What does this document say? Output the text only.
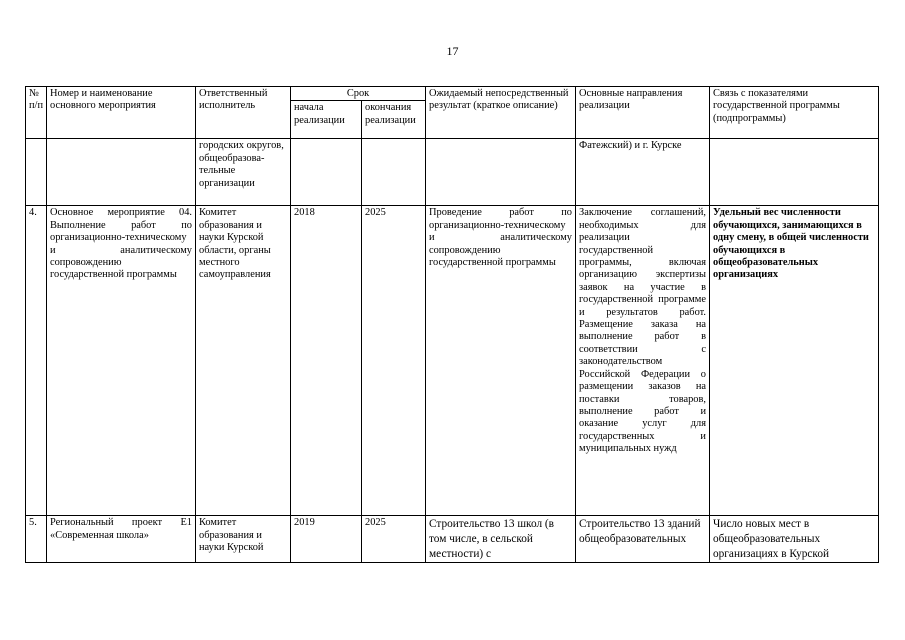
17
№ п/п	Номер и наименование основного мероприятия	Ответственный исполнитель	Срок		Ожидаемый непосредственный результат (краткое описание)	Основные направления реализации	Связь с показателями государственной программы (подпрограммы)
			начала реализации	окончания реализации			
		городских округов, общеобразова-тельные организации				Фатежский) и г. Курске	
4.	Основное мероприятие 04. Выполнение работ по организационно-техническому и аналитическому сопровождению государственной программы	Комитет образования и науки Курской области, органы местного самоуправления	2018	2025	Проведение работ по организационно-техническому и аналитическому сопровождению государственной программы	Заключение соглашений, необходимых для реализации государственной программы, включая организацию экспертизы заявок на участие в государственной программе и результатов работ. Размещение заказа на выполнение работ в соответствии с законодательством Российской Федерации о размещении заказов на поставки товаров, выполнение работ и оказание услуг для государственных и муниципальных нужд	Удельный вес численности обучающихся, занимающихся в одну смену, в общей численности обучающихся в общеобразовательных организациях
5.	Региональный проект Е1 «Современная школа»	Комитет образования и науки Курской	2019	2025	Строительство 13 школ (в том числе, в сельской местности) с	Строительство 13 зданий общеобразовательных	Число новых мест в общеобразовательных организациях в Курской
